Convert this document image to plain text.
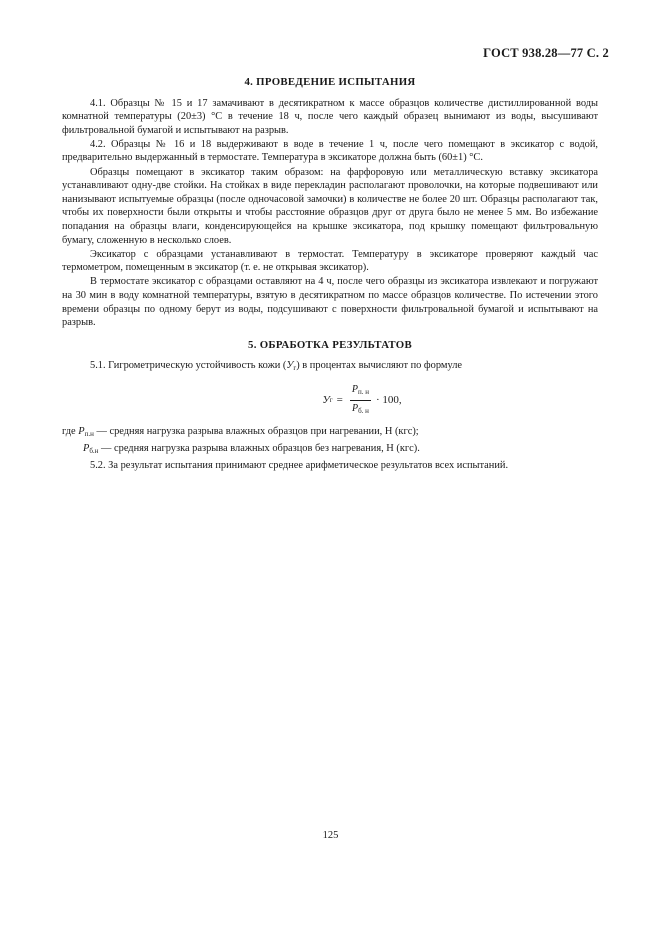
ГОСТ 938.28—77 С. 2
4. ПРОВЕДЕНИЕ ИСПЫТАНИЯ

4.1. Образцы № 15 и 17 замачивают в десятикратном к массе образцов количестве дистиллированной воды комнатной температуры (20±3) °С в течение 18 ч, после чего каждый образец вынимают из воды, высушивают фильтровальной бумагой и испытывают на разрыв.

4.2. Образцы № 16 и 18 выдерживают в воде в течение 1 ч, после чего помещают в эксикатор с водой, предварительно выдержанный в термостате. Температура в эксикаторе должна быть (60±1) °С.

Образцы помещают в эксикатор таким образом: на фарфоровую или металлическую вставку эксикатора устанавливают одну-две стойки. На стойках в виде перекладин располагают проволочки, на которые подвешивают или нанизывают испытуемые образцы (после одночасовой замочки) в количестве не более 20 шт. Образцы располагают так, чтобы их поверхности были открыты и чтобы расстояние образцов друг от друга было не менее 5 мм. Во избежание попадания на образцы влаги, конденсирующейся на крышке эксикатора, под крышку помещают фильтровальную бумагу, сложенную в несколько слоев.

Эксикатор с образцами устанавливают в термостат. Температуру в эксикаторе проверяют каждый час термометром, помещенным в эксикатор (т. е. не открывая эксикатор).

В термостате эксикатор с образцами оставляют на 4 ч, после чего образцы из эксикатора извлекают и погружают на 30 мин в воду комнатной температуры, взятую в десятикратном по массе образцов количестве. По истечении этого времени образцы по одному берут из воды, подсушивают с поверхности фильтровальной бумагой и испытывают на разрыв.

5. ОБРАБОТКА РЕЗУЛЬТАТОВ

5.1. Гигрометрическую устойчивость кожи $(У_г)$ в процентах вычисляют по формуле

У $г = \frac{P_{п. н}}{P_{б. н}} \cdot 100$,

где $P_{п.н}$ — средняя нагрузка разрыва влажных образцов при нагревании, Н (кгс);

$P_{б.н}$ — средняя нагрузка разрыва влажных образцов без нагревания, Н (кгс).

5.2. За результат испытания принимают среднее арифметическое результатов всех испытаний.

125
